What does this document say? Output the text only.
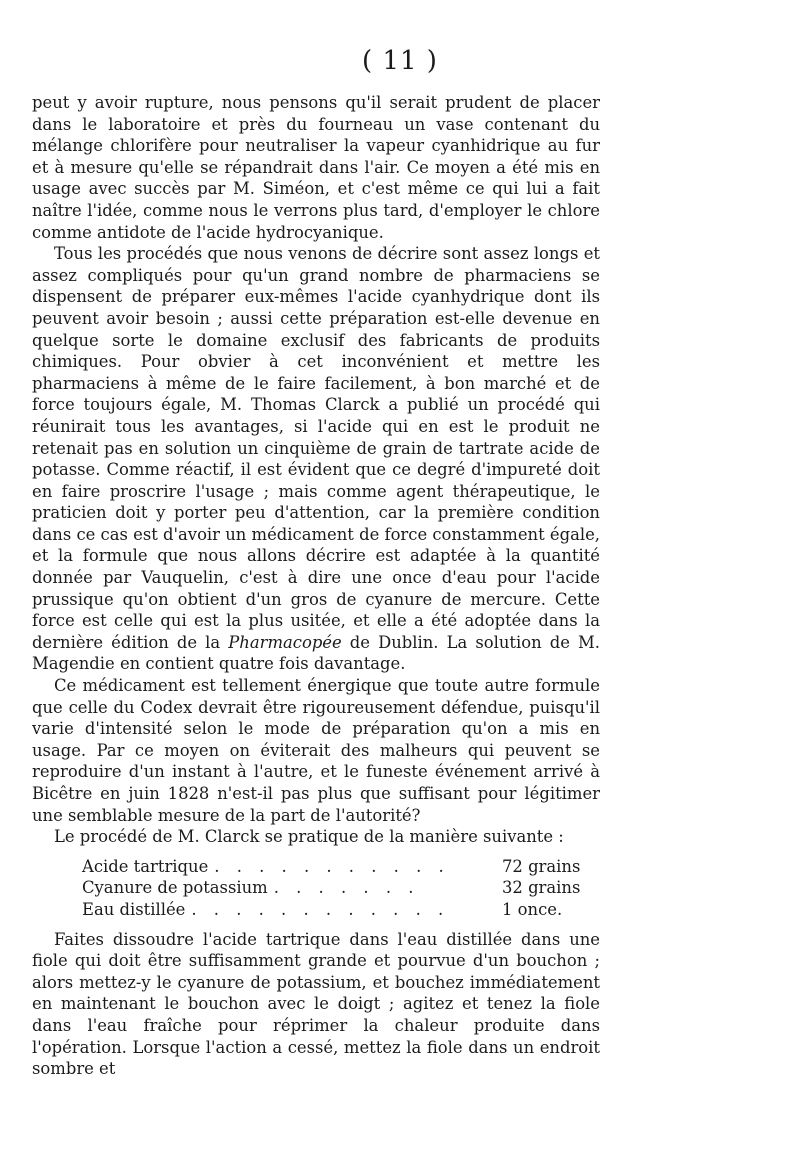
( 11 )

peut y avoir rupture, nous pensons qu'il serait prudent de placer dans le laboratoire et près du fourneau un vase contenant du mélange chlorifère pour neutraliser la vapeur cyanhidrique au fur et à mesure qu'elle se répandrait dans l'air. Ce moyen a été mis en usage avec succès par M. Siméon, et c'est même ce qui lui a fait naître l'idée, comme nous le verrons plus tard, d'employer le chlore comme antidote de l'acide hydrocyanique.

Tous les procédés que nous venons de décrire sont assez longs et assez compliqués pour qu'un grand nombre de pharmaciens se dispensent de préparer eux-mêmes l'acide cyanhydrique dont ils peuvent avoir besoin ; aussi cette préparation est-elle devenue en quelque sorte le domaine exclusif des fabricants de produits chimiques. Pour obvier à cet inconvénient et mettre les pharmaciens à même de le faire facilement, à bon marché et de force toujours égale, M. Thomas Clarck a publié un procédé qui réunirait tous les avantages, si l'acide qui en est le produit ne retenait pas en solution un cinquième de grain de tartrate acide de potasse. Comme réactif, il est évident que ce degré d'impureté doit en faire proscrire l'usage ; mais comme agent thérapeutique, le praticien doit y porter peu d'attention, car la première condition dans ce cas est d'avoir un médicament de force constamment égale, et la formule que nous allons décrire est adaptée à la quantité donnée par Vauquelin, c'est à dire une once d'eau pour l'acide prussique qu'on obtient d'un gros de cyanure de mercure. Cette force est celle qui est la plus usitée, et elle a été adoptée dans la dernière édition de la Pharmacopée de Dublin. La solution de M. Magendie en contient quatre fois davantage.

Ce médicament est tellement énergique que toute autre formule que celle du Codex devrait être rigoureusement défendue, puisqu'il varie d'intensité selon le mode de préparation qu'on a mis en usage. Par ce moyen on éviterait des malheurs qui peuvent se reproduire d'un instant à l'autre, et le funeste événement arrivé à Bicêtre en juin 1828 n'est-il pas plus que suffisant pour légitimer une semblable mesure de la part de l'autorité?

Le procédé de M. Clarck se pratique de la manière suivante :

Acide tartrique . . . . . . . . . . .	72 grains
Cyanure de potassium . . . . . . .	32 grains
Eau distillée . . . . . . . . . . . .	1 once.

Faites dissoudre l'acide tartrique dans l'eau distillée dans une fiole qui doit être suffisamment grande et pourvue d'un bouchon ; alors mettez-y le cyanure de potassium, et bouchez immédiatement en maintenant le bouchon avec le doigt ; agitez et tenez la fiole dans l'eau fraîche pour réprimer la chaleur produite dans l'opération. Lorsque l'action a cessé, mettez la fiole dans un endroit sombre et
